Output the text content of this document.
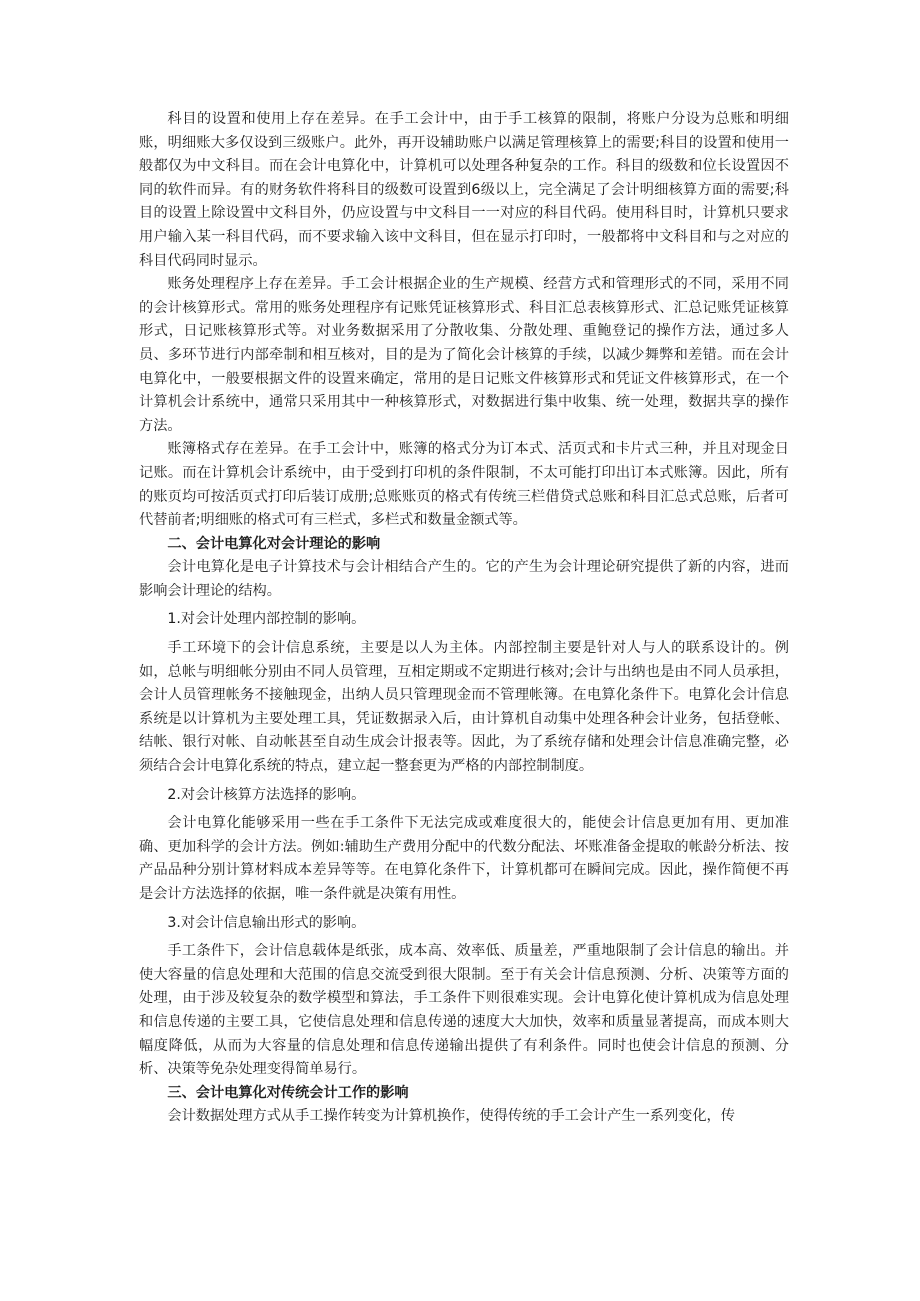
科目的设置和使用上存在差异。在手工会计中，由于手工核算的限制，将账户分设为总账和明细账，明细账大多仅设到三级账户。此外，再开设辅助账户以满足管理核算上的需要;科目的设置和使用一般都仅为中文科目。而在会计电算化中，计算机可以处理各种复杂的工作。科目的级数和位长设置因不同的软件而异。有的财务软件将科目的级数可设置到6级以上，完全满足了会计明细核算方面的需要;科目的设置上除设置中文科目外，仍应设置与中文科目一一对应的科目代码。使用科目时，计算机只要求用户输入某一科目代码，而不要求输入该中文科目，但在显示打印时，一般都将中文科目和与之对应的科目代码同时显示。

账务处理程序上存在差异。手工会计根据企业的生产规模、经营方式和管理形式的不同，采用不同的会计核算形式。常用的账务处理程序有记账凭证核算形式、科目汇总表核算形式、汇总记账凭证核算形式，日记账核算形式等。对业务数据采用了分散收集、分散处理、重鲍登记的操作方法，通过多人员、多环节进行内部牵制和相互核对，目的是为了简化会计核算的手续，以减少舞弊和差错。而在会计电算化中，一般要根据文件的设置来确定，常用的是日记账文件核算形式和凭证文件核算形式，在一个计算机会计系统中，通常只采用其中一种核算形式，对数据进行集中收集、统一处理，数据共享的操作方法。

账簿格式存在差异。在手工会计中，账簿的格式分为订本式、活页式和卡片式三种，并且对现金日记账。而在计算机会计系统中，由于受到打印机的条件限制，不太可能打印出订本式账簿。因此，所有的账页均可按活页式打印后装订成册;总账账页的格式有传统三栏借贷式总账和科目汇总式总账，后者可代替前者;明细账的格式可有三栏式，多栏式和数量金额式等。

二、会计电算化对会计理论的影响

会计电算化是电子计算技术与会计相结合产生的。它的产生为会计理论研究提供了新的内容，进而影响会计理论的结构。

1.对会计处理内部控制的影响。

手工环境下的会计信息系统，主要是以人为主体。内部控制主要是针对人与人的联系设计的。例如，总帐与明细帐分别由不同人员管理，互相定期或不定期进行核对;会计与出纳也是由不同人员承担，会计人员管理帐务不接触现金，出纳人员只管理现金而不管理帐簿。在电算化条件下。电算化会计信息系统是以计算机为主要处理工具，凭证数据录入后，由计算机自动集中处理各种会计业务，包括登帐、结帐、银行对帐、自动帐甚至自动生成会计报表等。因此，为了系统存储和处理会计信息准确完整，必须结合会计电算化系统的特点，建立起一整套更为严格的内部控制制度。

2.对会计核算方法选择的影响。

会计电算化能够采用一些在手工条件下无法完成或难度很大的，能使会计信息更加有用、更加准确、更加科学的会计方法。例如:辅助生产费用分配中的代数分配法、坏账准备金提取的帐龄分析法、按产品品种分别计算材料成本差异等等。在电算化条件下，计算机都可在瞬间完成。因此，操作简便不再是会计方法选择的依据，唯一条件就是决策有用性。

3.对会计信息输出形式的影响。

手工条件下，会计信息载体是纸张，成本高、效率低、质量差，严重地限制了会计信息的输出。并使大容量的信息处理和大范围的信息交流受到很大限制。至于有关会计信息预测、分析、决策等方面的处理，由于涉及较复杂的数学模型和算法，手工条件下则很难实现。会计电算化使计算机成为信息处理和信息传递的主要工具，它使信息处理和信息传递的速度大大加快，效率和质量显著提高，而成本则大幅度降低，从而为大容量的信息处理和信息传递输出提供了有利条件。同时也使会计信息的预测、分析、决策等免杂处理变得简单易行。

三、会计电算化对传统会计工作的影响

会计数据处理方式从手工操作转变为计算机换作，使得传统的手工会计产生一系列变化，传
